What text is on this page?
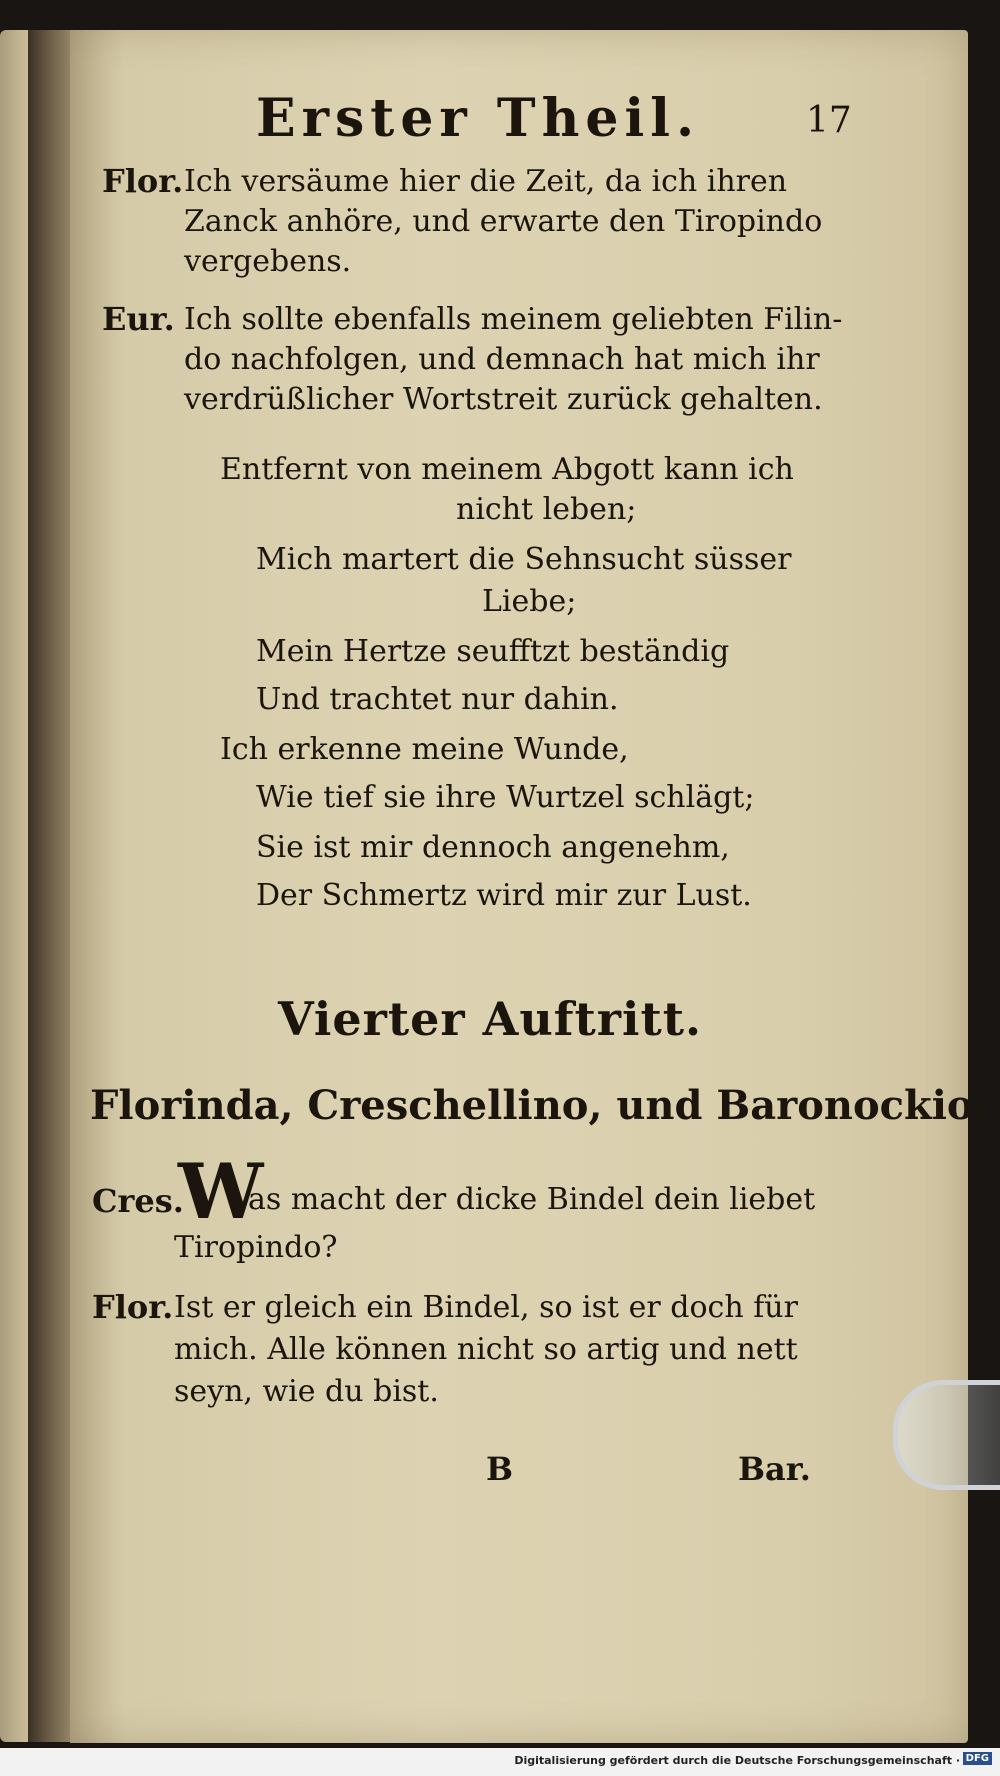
Erster Theil.	17
Flor. Ich versäume hier die Zeit, da ich ihren
Zanck anhöre, und erwarte den Tiropindo
vergebens.
Eur. Ich sollte ebenfalls meinem geliebten Filin-
do nachfolgen, und demnach hat mich ihr
verdrüßlicher Wortstreit zurück gehalten.
Entfernt von meinem Abgott kann ich
nicht leben;
Mich martert die Sehnsucht süsser
Liebe;
Mein Hertze seufftzt beständig
Und trachtet nur dahin.
Ich erkenne meine Wunde,
Wie tief sie ihre Wurtzel schlägt;
Sie ist mir dennoch angenehm,
Der Schmertz wird mir zur Lust.
Vierter Auftritt.
Florinda, Creschellino, und Baronockio.
Cres.
W
as macht der dicke Bindel dein liebet
Tiropindo?
Flor. Ist er gleich ein Bindel, so ist er doch für
mich. Alle können nicht so artig und nett
seyn, wie du bist.
B	Bar.
Digitalisierung gefördert durch die Deutsche Forschungsgemeinschaft · DFG
